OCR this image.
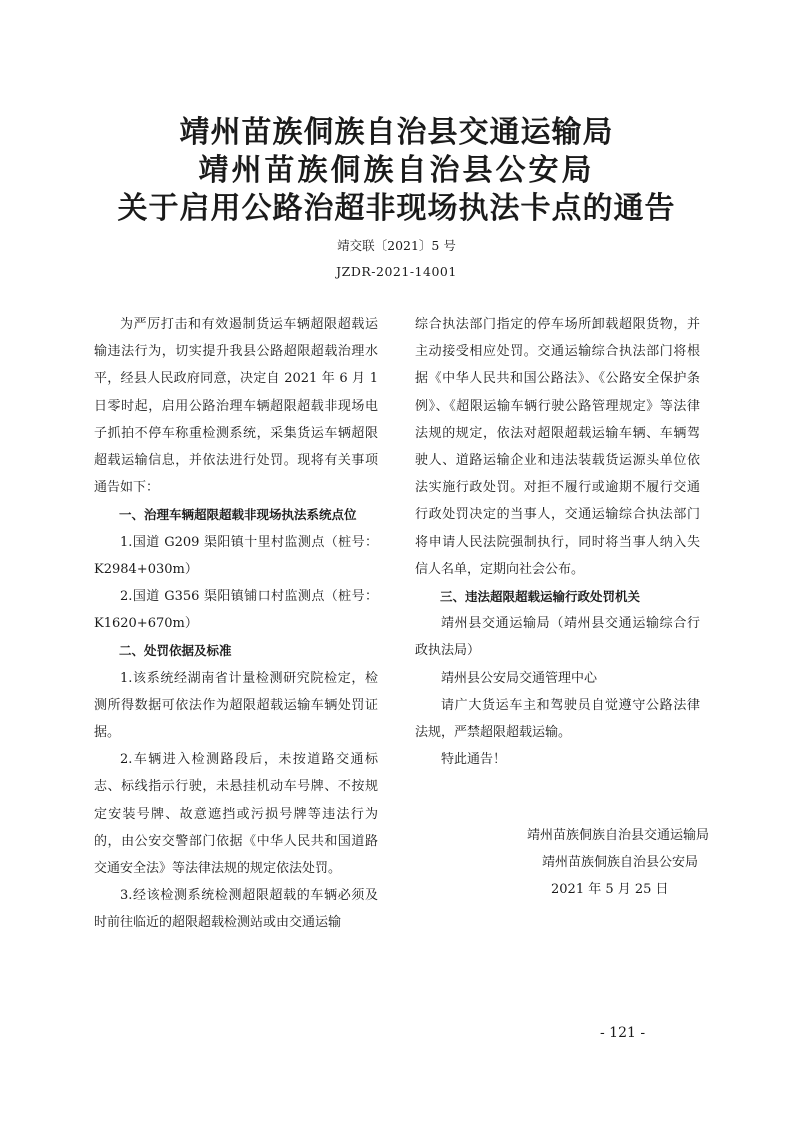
靖州苗族侗族自治县交通运输局
靖州苗族侗族自治县公安局
关于启用公路治超非现场执法卡点的通告
靖交联〔2021〕5 号
JZDR-2021-14001

为严厉打击和有效遏制货运车辆超限超载运输违法行为，切实提升我县公路超限超载治理水平，经县人民政府同意，决定自 2021 年 6 月 1 日零时起，启用公路治理车辆超限超载非现场电子抓拍不停车称重检测系统，采集货运车辆超限超载运输信息，并依法进行处罚。现将有关事项通告如下：

一、治理车辆超限超载非现场执法系统点位

1.国道 G209 渠阳镇十里村监测点（桩号：K2984+030m）

2.国道 G356 渠阳镇铺口村监测点（桩号：K1620+670m）

二、处罚依据及标准

1.该系统经湖南省计量检测研究院检定，检测所得数据可依法作为超限超载运输车辆处罚证据。

2.车辆进入检测路段后，未按道路交通标志、标线指示行驶，未悬挂机动车号牌、不按规定安装号牌、故意遮挡或污损号牌等违法行为的，由公安交警部门依据《中华人民共和国道路交通安全法》等法律法规的规定依法处罚。

3.经该检测系统检测超限超载的车辆必须及时前往临近的超限超载检测站或由交通运输

综合执法部门指定的停车场所卸载超限货物，并主动接受相应处罚。交通运输综合执法部门将根据《中华人民共和国公路法》、《公路安全保护条例》、《超限运输车辆行驶公路管理规定》等法律法规的规定，依法对超限超载运输车辆、车辆驾驶人、道路运输企业和违法装载货运源头单位依法实施行政处罚。对拒不履行或逾期不履行交通行政处罚决定的当事人，交通运输综合执法部门将申请人民法院强制执行，同时将当事人纳入失信人名单，定期向社会公布。

三、违法超限超载运输行政处罚机关

靖州县交通运输局（靖州县交通运输综合行政执法局）

靖州县公安局交通管理中心

请广大货运车主和驾驶员自觉遵守公路法律法规，严禁超限超载运输。

特此通告！

靖州苗族侗族自治县交通运输局
靖州苗族侗族自治县公安局
2021 年 5 月 25 日
- 121 -
